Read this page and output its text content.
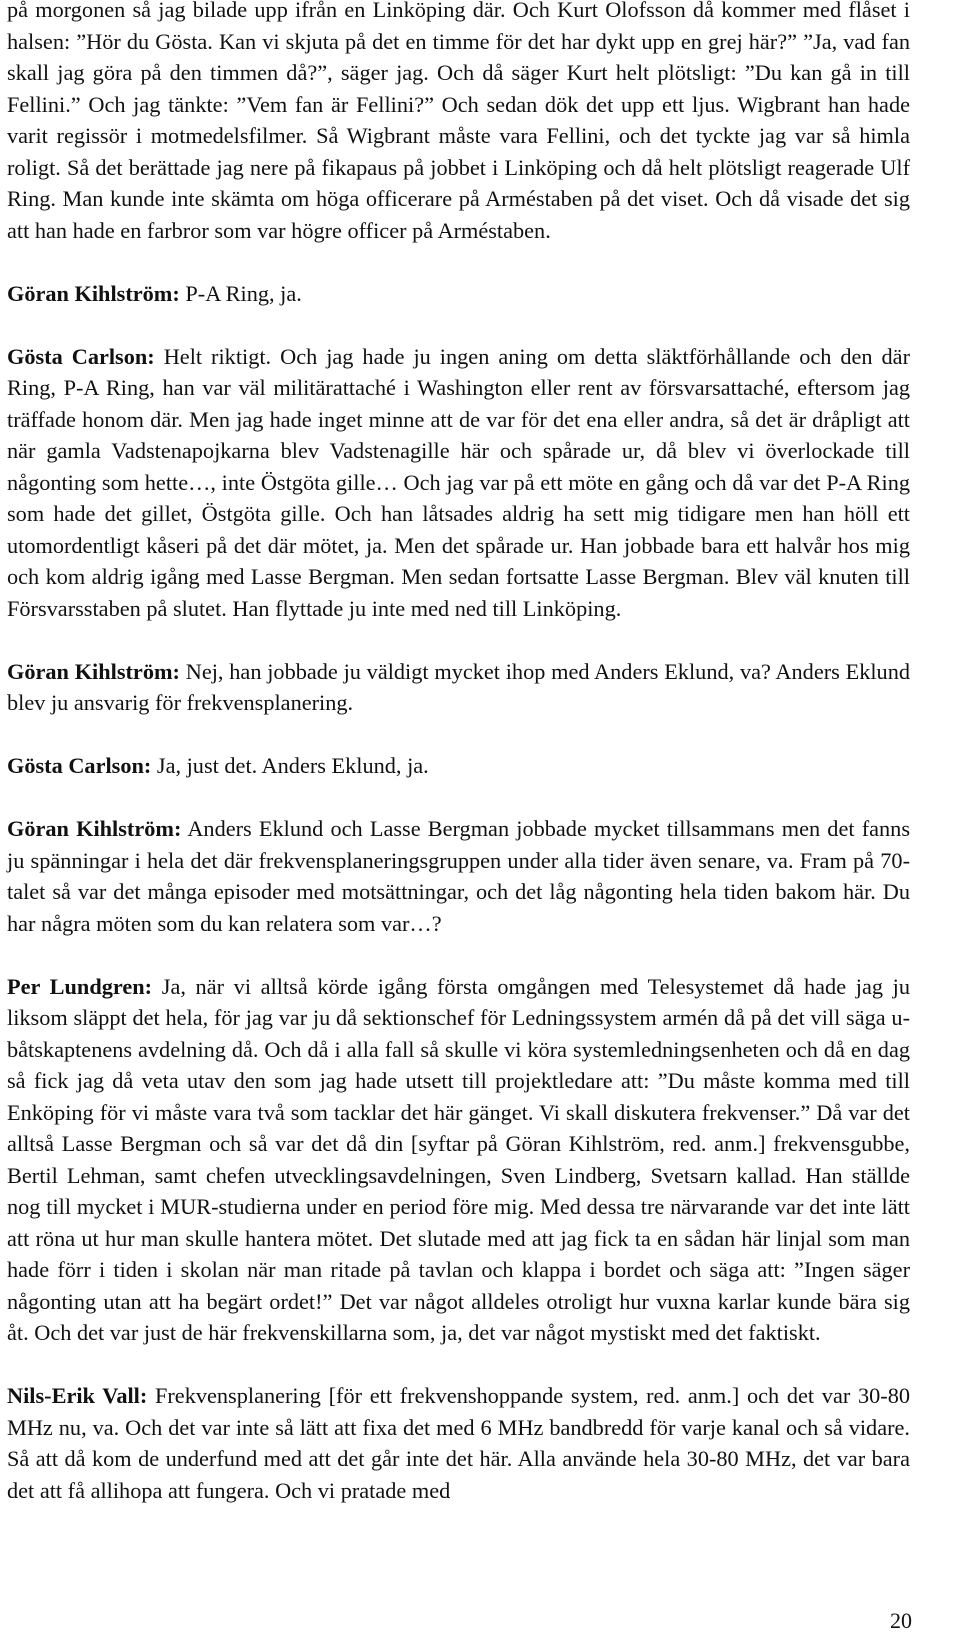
på morgonen så jag bilade upp ifrån en Linköping där. Och Kurt Olofsson då kommer med flåset i halsen: ”Hör du Gösta. Kan vi skjuta på det en timme för det har dykt upp en grej här?” ”Ja, vad fan skall jag göra på den timmen då?”, säger jag. Och då säger Kurt helt plötsligt: ”Du kan gå in till Fellini.” Och jag tänkte: ”Vem fan är Fellini?” Och sedan dök det upp ett ljus. Wigbrant han hade varit regissör i motmedelsfilmer. Så Wigbrant måste vara Fellini, och det tyckte jag var så himla roligt. Så det berättade jag nere på fikapaus på jobbet i Linköping och då helt plötsligt reagerade Ulf Ring. Man kunde inte skämta om höga officerare på Arméstaben på det viset. Och då visade det sig att han hade en farbror som var högre officer på Arméstaben.

Göran Kihlström: P-A Ring, ja.

Gösta Carlson: Helt riktigt. Och jag hade ju ingen aning om detta släktförhållande och den där Ring, P-A Ring, han var väl militärattaché i Washington eller rent av försvarsattaché, eftersom jag träffade honom där. Men jag hade inget minne att de var för det ena eller andra, så det är dråpligt att när gamla Vadstenapojkarna blev Vadstenagille här och spårade ur, då blev vi överlockade till någonting som hette…, inte Östgöta gille… Och jag var på ett möte en gång och då var det P-A Ring som hade det gillet, Östgöta gille. Och han låtsades aldrig ha sett mig tidigare men han höll ett utomordentligt kåseri på det där mötet, ja. Men det spårade ur. Han jobbade bara ett halvår hos mig och kom aldrig igång med Lasse Bergman. Men sedan fortsatte Lasse Bergman. Blev väl knuten till Försvarsstaben på slutet. Han flyttade ju inte med ned till Linköping.

Göran Kihlström: Nej, han jobbade ju väldigt mycket ihop med Anders Eklund, va? Anders Eklund blev ju ansvarig för frekvensplanering.

Gösta Carlson: Ja, just det. Anders Eklund, ja.

Göran Kihlström: Anders Eklund och Lasse Bergman jobbade mycket tillsammans men det fanns ju spänningar i hela det där frekvensplaneringsgruppen under alla tider även senare, va. Fram på 70-talet så var det många episoder med motsättningar, och det låg någonting hela tiden bakom här. Du har några möten som du kan relatera som var…?

Per Lundgren: Ja, när vi alltså körde igång första omgången med Telesystemet då hade jag ju liksom släppt det hela, för jag var ju då sektionschef för Ledningssystem armén då på det vill säga u-båtskaptenens avdelning då. Och då i alla fall så skulle vi köra systemledningsenheten och då en dag så fick jag då veta utav den som jag hade utsett till projektledare att: ”Du måste komma med till Enköping för vi måste vara två som tacklar det här gänget. Vi skall diskutera frekvenser.” Då var det alltså Lasse Bergman och så var det då din [syftar på Göran Kihlström, red. anm.] frekvensgubbe, Bertil Lehman, samt chefen utvecklingsavdelningen, Sven Lindberg, Svetsarn kallad. Han ställde nog till mycket i MUR-studierna under en period före mig. Med dessa tre närvarande var det inte lätt att röna ut hur man skulle hantera mötet. Det slutade med att jag fick ta en sådan här linjal som man hade förr i tiden i skolan när man ritade på tavlan och klappa i bordet och säga att: ”Ingen säger någonting utan att ha begärt ordet!” Det var något alldeles otroligt hur vuxna karlar kunde bära sig åt. Och det var just de här frekvenskillarna som, ja, det var något mystiskt med det faktiskt.

Nils-Erik Vall: Frekvensplanering [för ett frekvenshoppande system, red. anm.] och det var 30-80 MHz nu, va. Och det var inte så lätt att fixa det med 6 MHz bandbredd för varje kanal och så vidare. Så att då kom de underfund med att det går inte det här. Alla använde hela 30-80 MHz, det var bara det att få allihopa att fungera. Och vi pratade med

20
